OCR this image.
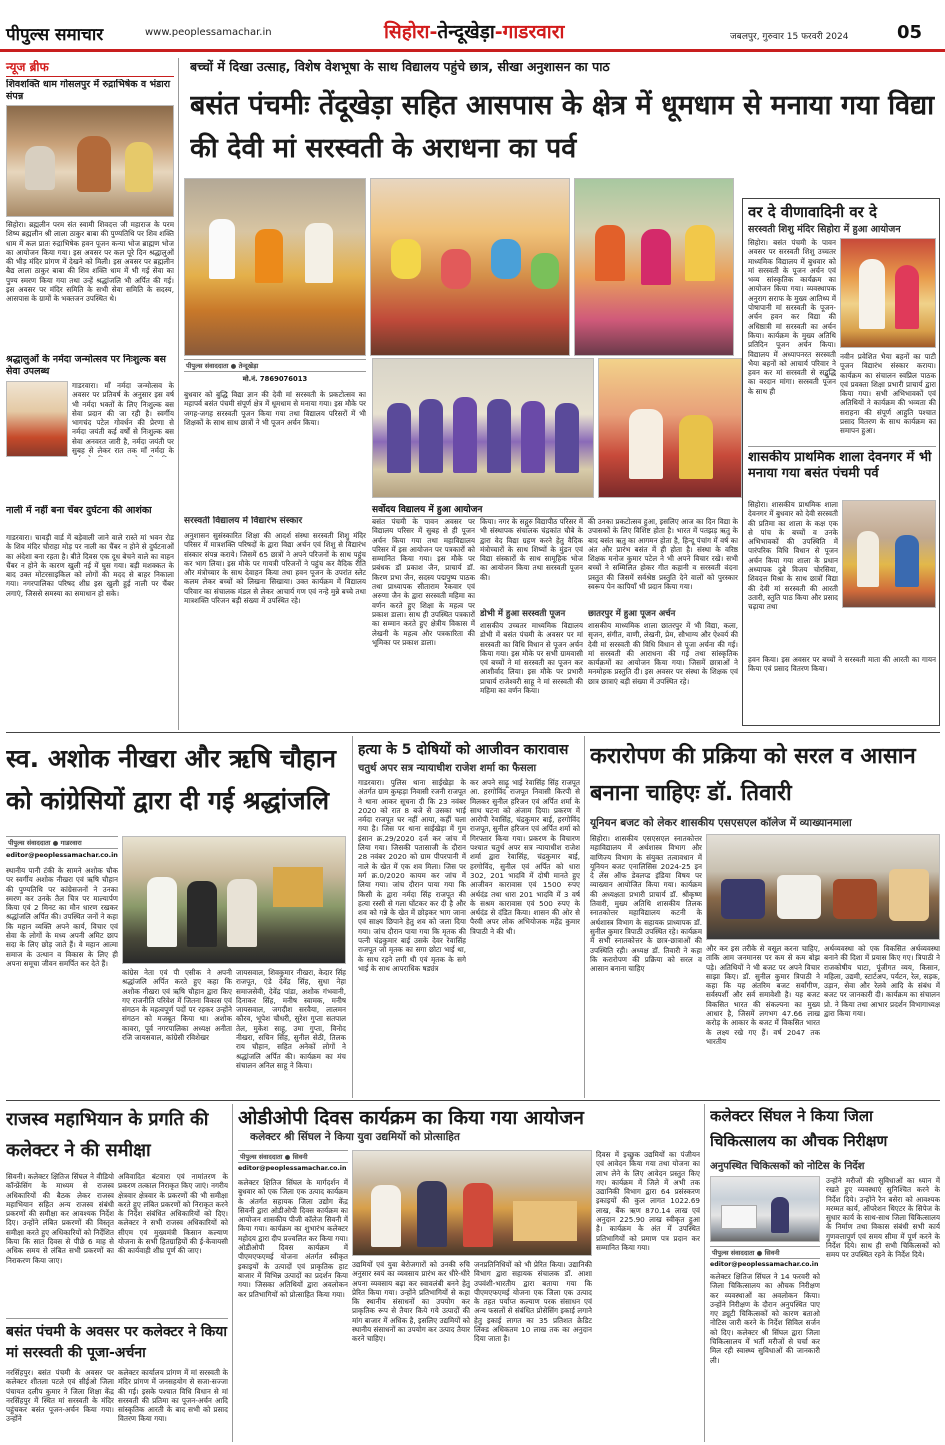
पीपुल्स समाचार	www.peoplessamachar.in	सिहोरा-तेन्दूखेड़ा-गाडरवारा	जबलपुर, गुरुवार 15 फरवरी 2024	05
न्यूज ब्रीफ
शिवशक्ति धाम गोसलपुर में रुद्राभिषेक व भंडारा संपन्न
सिहोरा। ब्रह्मलीन परम संत स्वामी शिवदत्त जी महाराज के परम शिष्य ब्रह्मलीन श्री लाला ठाकुर बाबा की पुण्यतिथि पर शिव शक्ति धाम में कल प्रातः रुद्राभिषेक हवन पूजन कन्या भोज ब्राह्मण भोज का आयोजन किया गया। इस अवसर पर कल पूरे दिन श्रद्धालुओं की भीड़ मंदिर प्रांगण में देखने को मिली। इस अवसर पर ब्रह्मलीन बैद्य लाला ठाकुर बाबा की शिव शक्ति धाम में भी गई सेवा का पुण्य स्मरण किया गया तथा उन्हें श्रद्धांजलि भी अर्पित की गई। इस अवसर पर मंदिर समिति के सभी सेवा समिति के सदस्य, आसपास के ग्रामों के भक्तजन उपस्थित थे।
श्रद्धालुओं के नर्मदा जन्मोत्सव पर निःशुल्क बस सेवा उपलब्ध
गाडरवारा। माँ नर्मदा जन्मोत्सव के अवसर पर प्रतिवर्ष के अनुसार इस वर्ष भी नर्मदा भक्तों के लिए निःशुल्क बस सेवा प्रदान की जा रही है। स्वर्गीय भागचंद पटेल गोवर्धन की प्रेरणा से नर्मदा जयंती कई वर्षों से निःशुल्क बस सेवा अनवरत जारी है, नर्मदा जयंती पर सुबह से लेकर रात तक माँ नर्मदा के
नाली में नहीं बना चेंबर दुर्घटना की आशंका
गाडरवारा। चावड़ी वार्ड में बड़ेवाली जाने वाले रास्ते मां भवन रोड के शिव मंदिर चौराहा मोड़ पर नाली का चैंबर न होने से दुर्घटनाओं का अंदेशा बना रहता है। बीते दिवस एक दूध बेचने वाले का वाहन चैंबर न होने के कारण खुली नई में घुस गया। बड़ी मशक्कत के बाद उक्त मोटरसाइकिल को लोगों की मदद से बाहर निकाला गया। नगरपालिका परिषद शीघ्र इस खुली हुई नाली पर चैंबर लगाएं, जिससे समस्या का समाधान हो सके।
बच्चों में दिखा उत्साह, विशेष वेशभूषा के साथ विद्यालय पहुंचे छात्र, सीखा अनुशासन का पाठ
बसंत पंचमीः तेंदूखेड़ा सहित आसपास के क्षेत्र में धूमधाम से मनाया गया विद्या की देवी मां सरस्वती के अराधना का पर्व
पीपुल्स संवाददाता ● तेन्दूखेड़ा
मो.नं. 7869076013
बुधवार को बुद्धि विद्या ज्ञान की देवी मां सरस्वती के प्रकटोत्सव का महापर्व बसंत पंचमी संपूर्ण क्षेत्र में धूमधाम से मनाया गया। इस मौके पर जगह-जगह सरस्वती पूजन किया गया तथा विद्यालय परिसरों में भी शिक्षकों के साथ साथ छात्रों ने भी पूजन अर्चन किया।
सरस्वती विद्यालय में विद्यारंभ संस्कार
अनुशासन सुसंस्कारित शिक्षा की आदर्श संस्था सरस्वती शिशु मंदिर परिसर में मात्रशक्ति परिषदों के द्वारा विद्या अर्चन एवं शिशु से विद्यारंभ संस्कार संपन्न कराये। जिसमें 65 छात्रों ने अपने परिजनों के साथ पहुंच कर भाग लिया। इस मौके पर गायत्री परिजनों ने पहुंच कर वैदिक रीति और मंत्रोच्चार के साथ देवाहन किया तथा हवन पूजन के उपरांत स्लेट कलम लेकर बच्चों को लिखना सिखाया। उक्त कार्यक्रम में विद्यालय परिवार का संचालक मंडल से लेकर आचार्य गण एवं नन्हे मुन्ने बच्चे तथा मात्रशक्ति परिजन बड़ी संख्या में उपस्थित रहे।
सर्वोदय विद्यालय में हुआ आयोजन
बसंत पंचमी के पावन अवसर पर विद्यालय परिसर में सुबह से ही पूजन अर्चन किया गया तथा महाविद्यालय परिसर में इस आयोजन पर पत्रकारों को सम्मानित किया गया। इस मौके पर प्रबंधक डॉ प्रकाश जैन, प्राचार्य डॉ. किरण प्रभा जैन, सदस्य पद्मपुष्प पाठक तथा प्राध्यापक सीताराम रैकवार एवं अरुणा जैन के द्वारा सरस्वती महिमा का वर्णन करते हुए शिक्षा के महत्व पर प्रकाश डाला। साथ ही उपस्थित पत्रकारों का सम्मान करते हुए क्षेत्रीय विकास में लेखनी के महत्व और पत्रकारिता की भूमिका पर प्रकाश डाला।
किया। नगर के सद्गुरु विद्यापीठ परिसर में भी संस्थापक संचालक चंद्रकांत चौबे के द्वारा वेद विद्या ग्रहण करने हेतु वैदिक मंत्रोच्चारों के साथ शिष्यों के मुंडन एवं विद्या संस्कारों के साथ सामूहिक भोज का आयोजन किया तथा सरस्वती पूजन की।
डोभी में हुआ सरस्वती पूजन
शासकीय उच्चतर माध्यमिक विद्यालय डोभी में बसंत पंचमी के अवसर पर मां सरस्वती का विधि विधान से पूजन अर्चन किया गया। इस मौके पर सभी ग्रामवासी एवं बच्चों ने मां सरस्वती का पूजन कर आशीर्वाद लिया। इस मौके पर प्रभारी प्राचार्य राजेश्वरी साहू ने मां सरस्वती की महिमा का वर्णन किया।
की उनका प्रकटोत्सव हुआ, इसलिए आज का दिन विद्या के उपासकों के लिए विशिष्ट होता है। भारत में पतझड़ ऋतु के बाद बसंत ऋतु का आगमन होता है, हिन्दू पंचांग में वर्ष का अंत और प्रारंभ बसंत में ही होता है। संस्था के वरिष्ठ शिक्षक मनोज कुमार पटेल ने भी अपने विचार रखे। सभी बच्चों ने सम्मिलित होकर गीत कहानी व सरस्वती वंदना प्रस्तुत की जिसमें सर्वश्रेष्ठ प्रस्तुति देने वालों को पुरस्कार स्वरूप पेन कापियाँ भी प्रदान किया गया।
छातरपुर में हुआ पूजन अर्चन
शासकीय माध्यमिक शाला छातरपुर में भी विद्या, कला, सृजन, संगीत, वाणी, लेखनी, प्रेम, सौभाग्य और ऐश्वर्य की देवी मां सरस्वती की विधि विधान से पूजा अर्चना की गई। मां सरस्वती की आराधना की गई तथा सांस्कृतिक कार्यक्रमों का आयोजन किया गया। जिसमें छात्राओं ने मनमोहक प्रस्तुति दी। इस अवसर पर संस्था के शिक्षक एवं छात्र छात्राएं बड़ी संख्या में उपस्थित रहे।
वर दे वीणावादिनी वर दे
सरस्वती शिशु मंदिर सिहोरा में हुआ आयोजन
सिहोरा। बसंत पंचमी के पावन अवसर पर सरस्वती शिशु उच्चतर माध्यमिक विद्यालय में बुधवार को मां सरस्वती के पूजन अर्चन एवं भव्य सांस्कृतिक कार्यक्रम का आयोजन किया गया। व्यवस्थापक अनुराग सराफ के मुख्य आतिथ्य में पोषापानी मां सरस्वती के पूजन-अर्चन हवन कर विद्या की अधिष्ठात्री मां सरस्वती का अर्चन किया। कार्यक्रम के मुख्य अतिथि प्रतिदिन पूजन अर्चन किया। विद्यालय में अध्यापनरत सरस्वती भैया बहनों को आचार्य परिवार ने हवन कर मां सरस्वती से सद्बुद्धि का वरदान मांगा। सरस्वती पूजन के साथ ही
नवीन प्रवेशित भैया बहनों का पाटी पूजन विद्यारंभ संस्कार कराया। कार्यक्रम का संचालन स्वप्निल पाठक एवं प्रवक्ता शिक्षा प्रभारी प्राचार्य द्वारा किया गया। सभी अभिभावकों एवं अतिथियों ने कार्यक्रम की भव्यता की सराहना की संपूर्ण आहुति पश्चात प्रसाद वितरण के साथ कार्यक्रम का समापन हुआ।
शासकीय प्राथमिक शाला देवनगर में भी मनाया गया बसंत पंचमी पर्व
सिहोरा। शासकीय प्राथमिक शाला देवनगर में बुधवार को देवी सरस्वती की प्रतिमा का शाला के कक्ष एक से पांच के बच्चों व उनके अभिभावकों की उपस्थिति में पारंपरिक विधि विधान से पूजन अर्चन किया गया शाला के प्रधान अध्यापक दुबे विजय चोरसिया, शिवदत्त मिश्रा के साथ छात्रों विद्या की देवी मां सरस्वती की आरती उतारी, स्तुति पाठ किया और प्रसाद चढ़ाया तथा
हवन किया। इस अवसर पर बच्चों ने सरस्वती माता की आरती का गायन किया एवं प्रसाद वितरण किया।
स्व. अशोक नीखरा और ऋषि चौहान को कांग्रेसियों द्वारा दी गई श्रद्धांजलि
पीपुल्स संवाददाता ● गाडरवारा
editor@peoplessamachar.co.in
स्थानीय पानी टंकी के सामने अशोक चौक पर स्वर्गीय अशोक नीखरा एवं ऋषि चौहान की पुण्यतिथि पर कांग्रेसजनों ने उनका स्मरण कर उनके तैल चित्र पर माल्यार्पण किया एवं 2 मिनट का मौन धारण रखकर श्रद्धांजलि अर्पित की। उपस्थित जनों ने कहा कि महान व्यक्ति अपने कार्य, विचार एवं सेवा के लोगों के मध्य अपनी अमिट छाप सदा के लिए छोड़ जाते हैं। वे महान आत्मा समाज के उत्थान व विकास के लिए ही अपना समूचा जीवन समर्पित कर देते हैं।
कांग्रेस नेता एवं पी एसीक ने अपनी श्रद्धांजलि अर्पित करते हुए कहा कि अशोक नीखरा एवं ऋषि चौहान द्वारा किए गए राजनीति परिवेश में जितना विकास एवं संगठन के महत्वपूर्ण पदों पर रहकर उन्होंने संगठन को मजबूत किया था। अशोक कावरा, पूर्व नगरपालिका अध्यक्ष अनीता रजि जायसवाल, कांग्रेसी रविशेखर
जायसवाल, शिवकुमार नीखरा, केदार सिंह राजपूत, एंडे देवेंद्र सिंह, सुधा नेहा समाजसेवी, देवेंद्र पांडा, अशोक गंभवानी, दिनाकर सिंह, मनीष स्वामक, मनीष जायसवाल, जगदीश सरवैया, लालमन कौरव, भूपेश चौधरी, सुरेश गुप्ता सतपाल तेल, मुकेश साहू, उमा गुप्ता, विनोद नीखरा, सचिन सिंह, सुनील सेठी, तिलक राय चौहान, सहित अनेकों लोगों ने श्रद्धांजलि अर्पित की। कार्यक्रम का मंच संचालन अनिल साहू ने किया।
हत्या के 5 दोषियों को आजीवन कारावास
चतुर्थ अपर सत्र न्यायाधीश राजेश शर्मा का फैसला
गाडरवारा। पुलिस थाना साईखेड़ा के अंतर्गत ग्राम कुम्हड़ा निवासी रजनी राजपूत ने थाना आकर सूचना दी कि 23 नवंबर 2020 को रात 8 बजे से उसका भाई नर्मदा राजपूत घर नहीं आया, कहीं चला गया है। जिस पर थाना साईखेड़ा में गुम इंसान क्र.29/2020 दर्ज कर जांच में लिया गया। जिसकी पतासाजी के दौरान 28 नवंबर 2020 को ग्राम पीपरपानी में नाले के खेत में एक शव मिला। जिस पर मर्ग क्र.0/2020 कायम कर जांच में लिया गया। जांच दौरान पाया गया कि किसी के द्वारा नर्मदा सिंह राजपूत की हत्या रस्सी से गला घोंटकर कर दी है और शव को गन्ने के खेत में छोड़कर भाग जाना एवं साक्ष्य छिपाने हेतु शव को जला दिया गया। जांच दौरान पाया गया कि मृतक की पत्नी चंद्रकुमार बाई उसके देवर रेवासिंह राजपूत जो मृतक का सगा छोटा भाई था, के साथ रहने लगी थी एवं मृतक के सगे भाई के साथ आपराधिक षड्यंत्र
कर अपने साढ़ू भाई रेवासिंह सिंह राजपूत आ. हरगोविंद राजपूत निवासी किरपी से मिलकर सुनील हरिजन एवं अर्पित शर्मा के साथ घटना को अंजाम दिया। प्रकरण में आरोपी रेवासिंह, चंद्रकुमार बाई, हरगोविंद राजपूत, सुनील हरिजन एवं अर्पित शर्मा को गिरफ्तार किया गया। प्रकरण के विचारण पश्चात चतुर्थ अपर सत्र न्यायाधीश राजेश शर्मा द्वारा रेवासिंह, चंद्रकुमार बाई, हरगोविंद, सुनील एवं अर्पित को धारा 302, 201 भादवि में दोषी मानते हुए आजीवन कारावास एवं 1500 रुपए अर्थदंड तथा धारा 201 भादवि में 3 वर्ष के सश्रम कारावास एवं 500 रुपए के अर्थदंड से दंडित किया। शासन की ओर से पैरवी अपर लोक अभियोजक महेंद्र कुमार त्रिपाठी ने की थी।
करारोपण की प्रक्रिया को सरल व आसान बनाना चाहिएः डॉ. तिवारी
यूनियन बजट को लेकर शासकीय एसएसएल कॉलेज में व्याख्यानमाला
सिहोरा। शासकीय एसएसएल स्नातकोत्तर महाविद्यालय में अर्थशास्त्र विभाग और वाणिज्य विभाग के संयुक्त तत्वावधान में यूनियन बजट एनालिसिस 2024-25 इन दे लेंस ऑफ डेवलप्ड इंडिया विषय पर व्याख्यान आयोजित किया गया। कार्यक्रम की अध्यक्षता प्रभारी प्राचार्य डॉ. श्रीकृष्ण तिवारी, मुख्य अतिथि शासकीय तिलक स्नातकोत्तर महाविद्यालय कटनी के अर्थशास्त्र विभाग के सहायक प्राध्यापक डॉ. सुनील कुमार त्रिपाठी उपस्थित रहे। कार्यक्रम में सभी स्नातकोत्तर के छात्र-छात्राओं की उपस्थिति रही। अध्यक्ष डॉ. तिवारी ने कहा कि करारोपण की प्रक्रिया को सरल व आसान बनाना चाहिए
और कर इस तरीके से वसूल करना चाहिए, ताकि आम जनमानस पर कम से कम बोझ पड़े। अतिथियों ने भी बजट पर अपने विचार साझा किए। डॉ. सुनील कुमार त्रिपाठी ने कहा कि यह अंतरिम बजट सर्वांगीण, सर्वस्पर्शी और सर्व समावेशी है। यह बजट विकसित भारत की संकल्पना का मुख्य आधार है, जिसमें लगभग 47.66 लाख करोड़ के आकार के बजट में विकसित भारत के लक्ष्य रखे गए हैं। वर्ष 2047 तक भारतीय
अर्थव्यवस्था को एक विकसित अर्थव्यवस्था बनाने की दिशा में प्रयास किए गए। त्रिपाठी ने राजकोषीय घाटा, पूंजीगत व्यय, किसान, महिला, उद्यमी, स्टार्टअप, पर्यटन, रेल, सड़क, उड़ान, सेवा और रेलवे आदि के संबंध में बजट पर जानकारी दी। कार्यक्रम का संचालन प्रो. ने किया तथा आभार प्रदर्शन विभागाध्यक्ष द्वारा किया गया।
राजस्व महाभियान के प्रगति की कलेक्टर ने की समीक्षा
सिवनी। कलेक्टर क्षितिज सिंघल ने वीडियो कॉन्फ्रेंसिंग के माध्यम से राजस्व अधिकारियों की बैठक लेकर राजस्व महाभियान सहित अन्य राजस्व संबंधी प्रकरणों की समीक्षा कर आवश्यक निर्देश दिए। उन्होंने लंबित प्रकरणों की विस्तृत समीक्षा करते हुए अधिकारियों को निर्देशित किया कि सात दिवस से पीछे 6 माह से अधिक समय से लंबित सभी प्रकरणों का निराकरण किया जाए।
अविवादित बंटवारा एवं नामांतरण के प्रकरण तत्काल निराकृत किए जाएं। नगरीय क्षेत्रवार क्षेत्रवार के प्रकरणों की भी समीक्षा करते हुए लंबित प्रकरणों को निराकृत करने के निर्देश संबंधित अधिकारियों को दिए। कलेक्टर ने सभी राजस्व अधिकारियों को सीएम एवं मुख्यमंत्री किसान कल्याण योजना के सभी हितग्राहियों की ई-केवायसी की कार्यवाही शीघ्र पूर्ण की जाए।
बसंत पंचमी के अवसर पर कलेक्टर ने किया मां सरस्वती की पूजा-अर्चना
नरसिंहपुर। बसंत पंचमी के अवसर पर कलेक्टर शीतला पटले एवं सीईओ जिला पंचायत दलीप कुमार ने जिला शिक्षा केंद्र नरसिंहपुर में स्थित मां सरस्वती के मंदिर पहुंचकर बसंत पूजन-अर्चन किया गया। उन्होंने
कलेक्टर कार्यालय प्रांगण में मां सरस्वती के मंदिर प्रांगण में जनसहयोग से सजा-सज्जा की गई। इसके पश्चात विधि विधान से मां सरस्वती की प्रतिमा का पूजन-अर्चन आदि सांस्कृतिक आरती के बाद सभी को प्रसाद वितरण किया गया।
ओडीओपी दिवस कार्यक्रम का किया गया आयोजन
कलेक्टर श्री सिंघल ने किया युवा उद्यमियों को प्रोत्साहित
पीपुल्स संवाददाता ● सिवनी
editor@peoplessamachar.co.in
कलेक्टर क्षितिज सिंघल के मार्गदर्शन में बुधवार को एक जिला एक उत्पाद कार्यक्रम के अंतर्गत सहायक जिला उद्योग केंद्र सिवनी द्वारा ओडीओपी दिवस कार्यक्रम का आयोजन शासकीय पीजी कॉलेज सिवनी में किया गया। कार्यक्रम का शुभारंभ कलेक्टर महोदय द्वारा दीप प्रज्वलित कर किया गया। ओडीओपी दिवस कार्यक्रम में पीएमएफएमई योजना अंतर्गत स्वीकृत इकाइयों के उत्पादों एवं प्राकृतिक हाट बाजार में विभिन्न उत्पादों का प्रदर्शन किया गया। जिसका अतिथियों द्वारा अवलोकन कर प्रतिभागियों को प्रोत्साहित किया गया।
उद्यमियों एवं युवा बेरोजगारों को उनकी रुचि अनुसार स्वयं का व्यवसाय प्रारंभ कर धीरे-धीरे अपना व्यवसाय बढ़ा कर स्वावलंबी बनने हेतु प्रेरित किया गया। उन्होंने प्रतिभागियों से कहा कि स्थानीय संसाधनों का उपयोग कर प्राकृतिक रूप से तैयार किये गये उत्पादों की मांग बाजार में अधिक है, इसलिए उद्यमियों को स्थानीय संसाधनों का उपयोग कर उत्पाद तैयार करने चाहिए।
जनप्रतिनिधियों को भी प्रेरित किया। उद्यानिकी विभाग द्वारा सहायक संचालक डॉ. आशा उपवंशी-भारतीय द्वारा बताया गया कि पीएमएफएमई योजना एक जिला एक उत्पाद के तहत पर्याप्त कल्याण परक संसाधन एवं अन्य फसलों से संबंधित प्रोसेसिंग इकाई लगाने हेतु इकाई लागत का 35 प्रतिशत क्रेडिट लिंक्ड अधिकतम 10 लाख तक का अनुदान दिया जाता है।
दिवस में इच्छुक उद्यमियों का पंजीयन एवं आवेदन किया गया तथा योजना का लाभ लेने के लिए आवेदन प्रस्तुत किए गए। कार्यक्रम में जिले में अभी तक उद्यानिकी विभाग द्वारा 64 प्रसंस्करण इकाइयों की कुल लागत 1022.69 लाख, बैंक ऋण 870.14 लाख एवं अनुदान 225.90 लाख स्वीकृत हुआ है। कार्यक्रम के अंत में उपस्थित प्रतिभागियों को प्रमाण पत्र प्रदान कर सम्मानित किया गया।
कलेक्टर सिंघल ने किया जिला चिकित्सालय का औचक निरीक्षण
अनुपस्थित चिकित्सकों को नोटिस के निर्देश
पीपुल्स संवाददाता ● सिवनी
editor@peoplessamachar.co.in
कलेक्टर क्षितिज सिंघल ने 14 फरवरी को जिला चिकित्सालय का औचक निरीक्षण कर व्यवस्थाओं का अवलोकन किया। उन्होंने निरीक्षण के दौरान अनुपस्थित पाए गए ड्यूटी चिकित्सकों को कारण बताओ नोटिस जारी करने के निर्देश सिविल सर्जन को दिए। कलेक्टर श्री सिंघल द्वारा जिला चिकित्सालय में भर्ती मरीजों से चर्चा कर मिल रही स्वास्थ्य सुविधाओं की जानकारी ली।
उन्होंने मरीजों की सुविधाओं का ध्यान में रखते हुए व्यवस्थाएं सुनिश्चित करने के निर्देश दिये। उन्होंने रैन बसेरा को आवश्यक मरम्मत कार्य, ऑपरेशन थिएटर के सिपेज के सुधार कार्य के साथ-साथ जिला चिकित्सालय के निर्माण तथा विकास संबंधी सभी कार्य गुणवत्तापूर्ण एवं समय सीमा में पूर्ण करने के निर्देश दिये। साथ ही सभी चिकित्सकों को समय पर उपस्थित रहने के निर्देश दिये।
